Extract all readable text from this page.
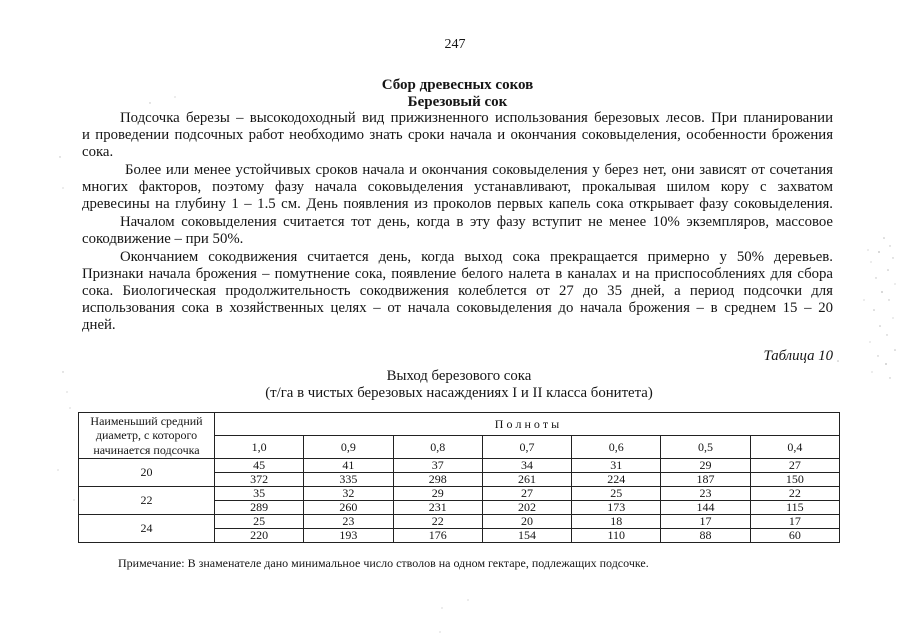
247
Сбор древесных соков
Березовый сок
Подсочка березы – высокодоходный вид прижизненного использования березовых лесов. При планировании
и проведении подсочных работ необходимо знать сроки начала и окончания соковыделения, особенности брожения
сока.
Более или менее устойчивых сроков начала и окончания соковыделения у берез нет, они зависят от сочетания
многих факторов, поэтому фазу начала соковыделения устанавливают, прокалывая шилом кору с захватом
древесины на глубину 1 – 1.5 см. День появления из проколов первых капель сока открывает фазу соковыделения.
Началом соковыделения считается тот день, когда в эту фазу вступит не менее 10% экземпляров, массовое
сокодвижение – при 50%.
Окончанием сокодвижения считается день, когда выход сока прекращается примерно у 50% деревьев.
Признаки начала брожения – помутнение сока, появление белого налета в каналах и на приспособлениях для сбора
сока. Биологическая продолжительность сокодвижения колеблется от 27 до 35 дней, а период подсочки для
использования сока в хозяйственных целях – от начала соковыделения до начала брожения – в среднем 15 – 20
дней.
Таблица 10
Выход березового сока
(т/га в чистых березовых насаждениях I и II класса бонитета)
Наименьший средний диаметр, с которого начинается подсочка	П о л н о т ы						
	1,0	0,9	0,8	0,7	0,6	0,5	0,4
20	45	41	37	34	31	29	27
	372	335	298	261	224	187	150
22	35	32	29	27	25	23	22
	289	260	231	202	173	144	115
24	25	23	22	20	18	17	17
	220	193	176	154	110	88	60
Примечание: В знаменателе дано минимальное число стволов на одном гектаре, подлежащих подсочке.
